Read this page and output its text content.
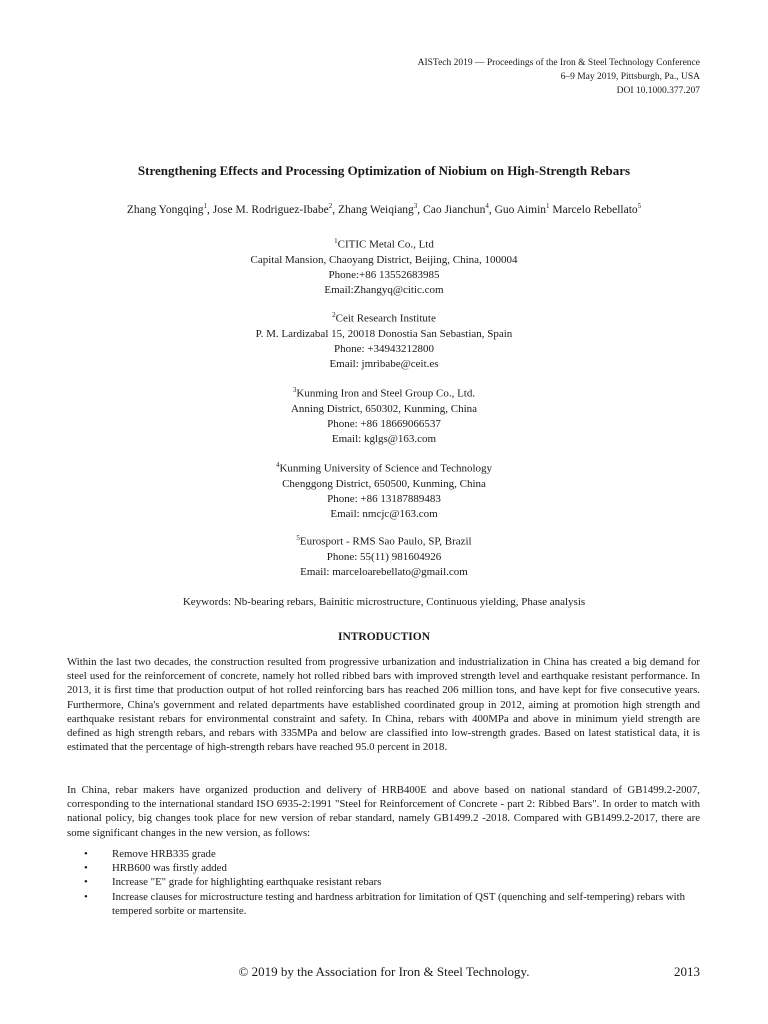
AISTech 2019 — Proceedings of the Iron & Steel Technology Conference
6–9 May 2019, Pittsburgh, Pa., USA
DOI 10.1000.377.207
Strengthening Effects and Processing Optimization of Niobium on High-Strength Rebars
Zhang Yongqing$^1$, Jose M. Rodriguez-Ibabe$^2$, Zhang Weiqiang$^3$, Cao Jianchun$^4$, Guo Aimin$^1$ Marcelo Rebellato$^5$
$^1$CITIC Metal Co., Ltd
Capital Mansion, Chaoyang District, Beijing, China, 100004
Phone:+86 13552683985
Email:Zhangyq@citic.com
$^2$Ceit Research Institute
P. M. Lardizabal 15, 20018 Donostia San Sebastian, Spain
Phone: +34943212800
Email: jmribabe@ceit.es
$^3$Kunming Iron and Steel Group Co., Ltd.
Anning District, 650302, Kunming, China
Phone: +86 18669066537
Email: kglgs@163.com
$^4$Kunming University of Science and Technology
Chenggong District, 650500, Kunming, China
Phone: +86 13187889483
Email: nmcjc@163.com
$^5$Eurosport - RMS Sao Paulo, SP, Brazil
Phone: 55(11) 981604926
Email: marceloarebellato@gmail.com
Keywords: Nb-bearing rebars, Bainitic microstructure, Continuous yielding, Phase analysis
INTRODUCTION

Within the last two decades, the construction resulted from progressive urbanization and industrialization in China has created a big demand for steel used for the reinforcement of concrete, namely hot rolled ribbed bars with improved strength level and earthquake resistant performance. In 2013, it is first time that production output of hot rolled reinforcing bars has reached 206 million tons, and have kept for five consecutive years. Furthermore, China's government and related departments have established coordinated group in 2012, aiming at promotion high strength and earthquake resistant rebars for environmental constraint and safety. In China, rebars with 400MPa and above in minimum yield strength are defined as high strength rebars, and rebars with 335MPa and below are classified into low-strength grades. Based on latest statistical data, it is estimated that the percentage of high-strength rebars have reached 95.0 percent in 2018.

In China, rebar makers have organized production and delivery of HRB400E and above based on national standard of GB1499.2-2007, corresponding to the international standard ISO 6935-2:1991 "Steel for Reinforcement of Concrete - part 2: Ribbed Bars". In order to match with national policy, big changes took place for new version of rebar standard, namely GB1499.2 -2018. Compared with GB1499.2-2017, there are some significant changes in the new version, as follows:

• Remove HRB335 grade
• HRB600 was firstly added
• Increase "E" grade for highlighting earthquake resistant rebars
• Increase clauses for microstructure testing and hardness arbitration for limitation of QST (quenching and self-tempering) rebars with tempered sorbite or martensite.
© 2019 by the Association for Iron & Steel Technology.	2013
